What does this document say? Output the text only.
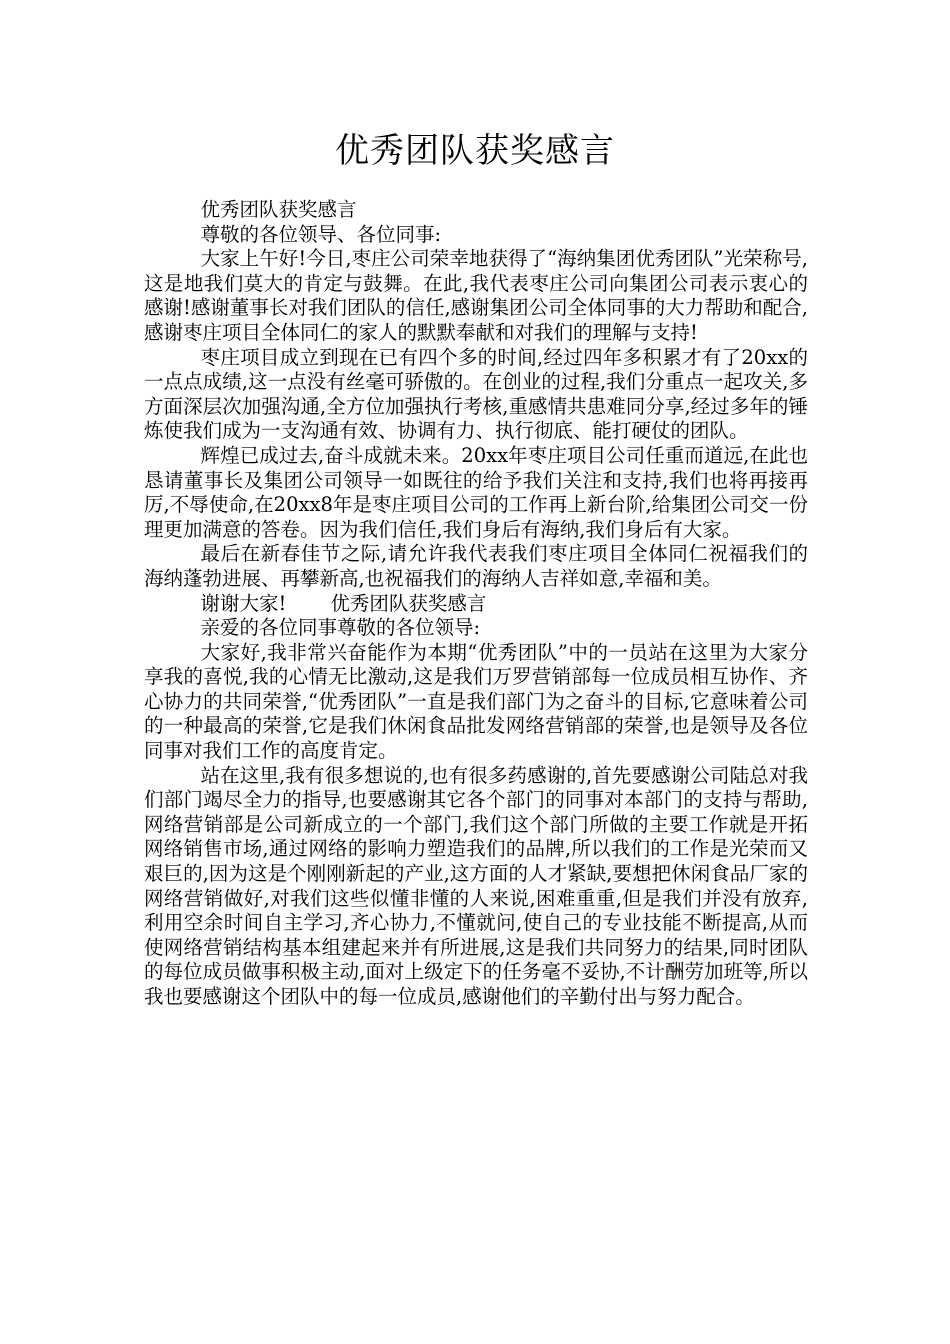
优秀团队获奖感言

优秀团队获奖感言

尊敬的各位领导、各位同事:

大家上午好!今日,枣庄公司荣幸地获得了“海纳集团优秀团队”光荣称号,这是地我们莫大的肯定与鼓舞。在此,我代表枣庄公司向集团公司表示衷心的感谢!感谢董事长对我们团队的信任,感谢集团公司全体同事的大力帮助和配合,感谢枣庄项目全体同仁的家人的默默奉献和对我们的理解与支持!

枣庄项目成立到现在已有四个多的时间,经过四年多积累才有了20xx的一点点成绩,这一点没有丝毫可骄傲的。在创业的过程,我们分重点一起攻关,多方面深层次加强沟通,全方位加强执行考核,重感情共患难同分享,经过多年的锤炼使我们成为一支沟通有效、协调有力、执行彻底、能打硬仗的团队。

辉煌已成过去,奋斗成就未来。20xx年枣庄项目公司任重而道远,在此也恳请董事长及集团公司领导一如既往的给予我们关注和支持,我们也将再接再厉,不辱使命,在20xx8年是枣庄项目公司的工作再上新台阶,给集团公司交一份理更加满意的答卷。因为我们信任,我们身后有海纳,我们身后有大家。

最后在新春佳节之际,请允许我代表我们枣庄项目全体同仁祝福我们的海纳蓬勃进展、再攀新高,也祝福我们的海纳人吉祥如意,幸福和美。

谢谢大家! 优秀团队获奖感言

亲爱的各位同事尊敬的各位领导:

大家好,我非常兴奋能作为本期“优秀团队”中的一员站在这里为大家分享我的喜悦,我的心情无比激动,这是我们万罗营销部每一位成员相互协作、齐心协力的共同荣誉,“优秀团队”一直是我们部门为之奋斗的目标,它意味着公司的一种最高的荣誉,它是我们休闲食品批发网络营销部的荣誉,也是领导及各位同事对我们工作的高度肯定。

站在这里,我有很多想说的,也有很多药感谢的,首先要感谢公司陆总对我们部门竭尽全力的指导,也要感谢其它各个部门的同事对本部门的支持与帮助,网络营销部是公司新成立的一个部门,我们这个部门所做的主要工作就是开拓网络销售市场,通过网络的影响力塑造我们的品牌,所以我们的工作是光荣而又艰巨的,因为这是个刚刚新起的产业,这方面的人才紧缺,要想把休闲食品厂家的网络营销做好,对我们这些似懂非懂的人来说,困难重重,但是我们并没有放弃,利用空余时间自主学习,齐心协力,不懂就问,使自己的专业技能不断提高,从而使网络营销结构基本组建起来并有所进展,这是我们共同努力的结果,同时团队的每位成员做事积极主动,面对上级定下的任务毫不妥协,不计酬劳加班等,所以我也要感谢这个团队中的每一位成员,感谢他们的辛勤付出与努力配合。
